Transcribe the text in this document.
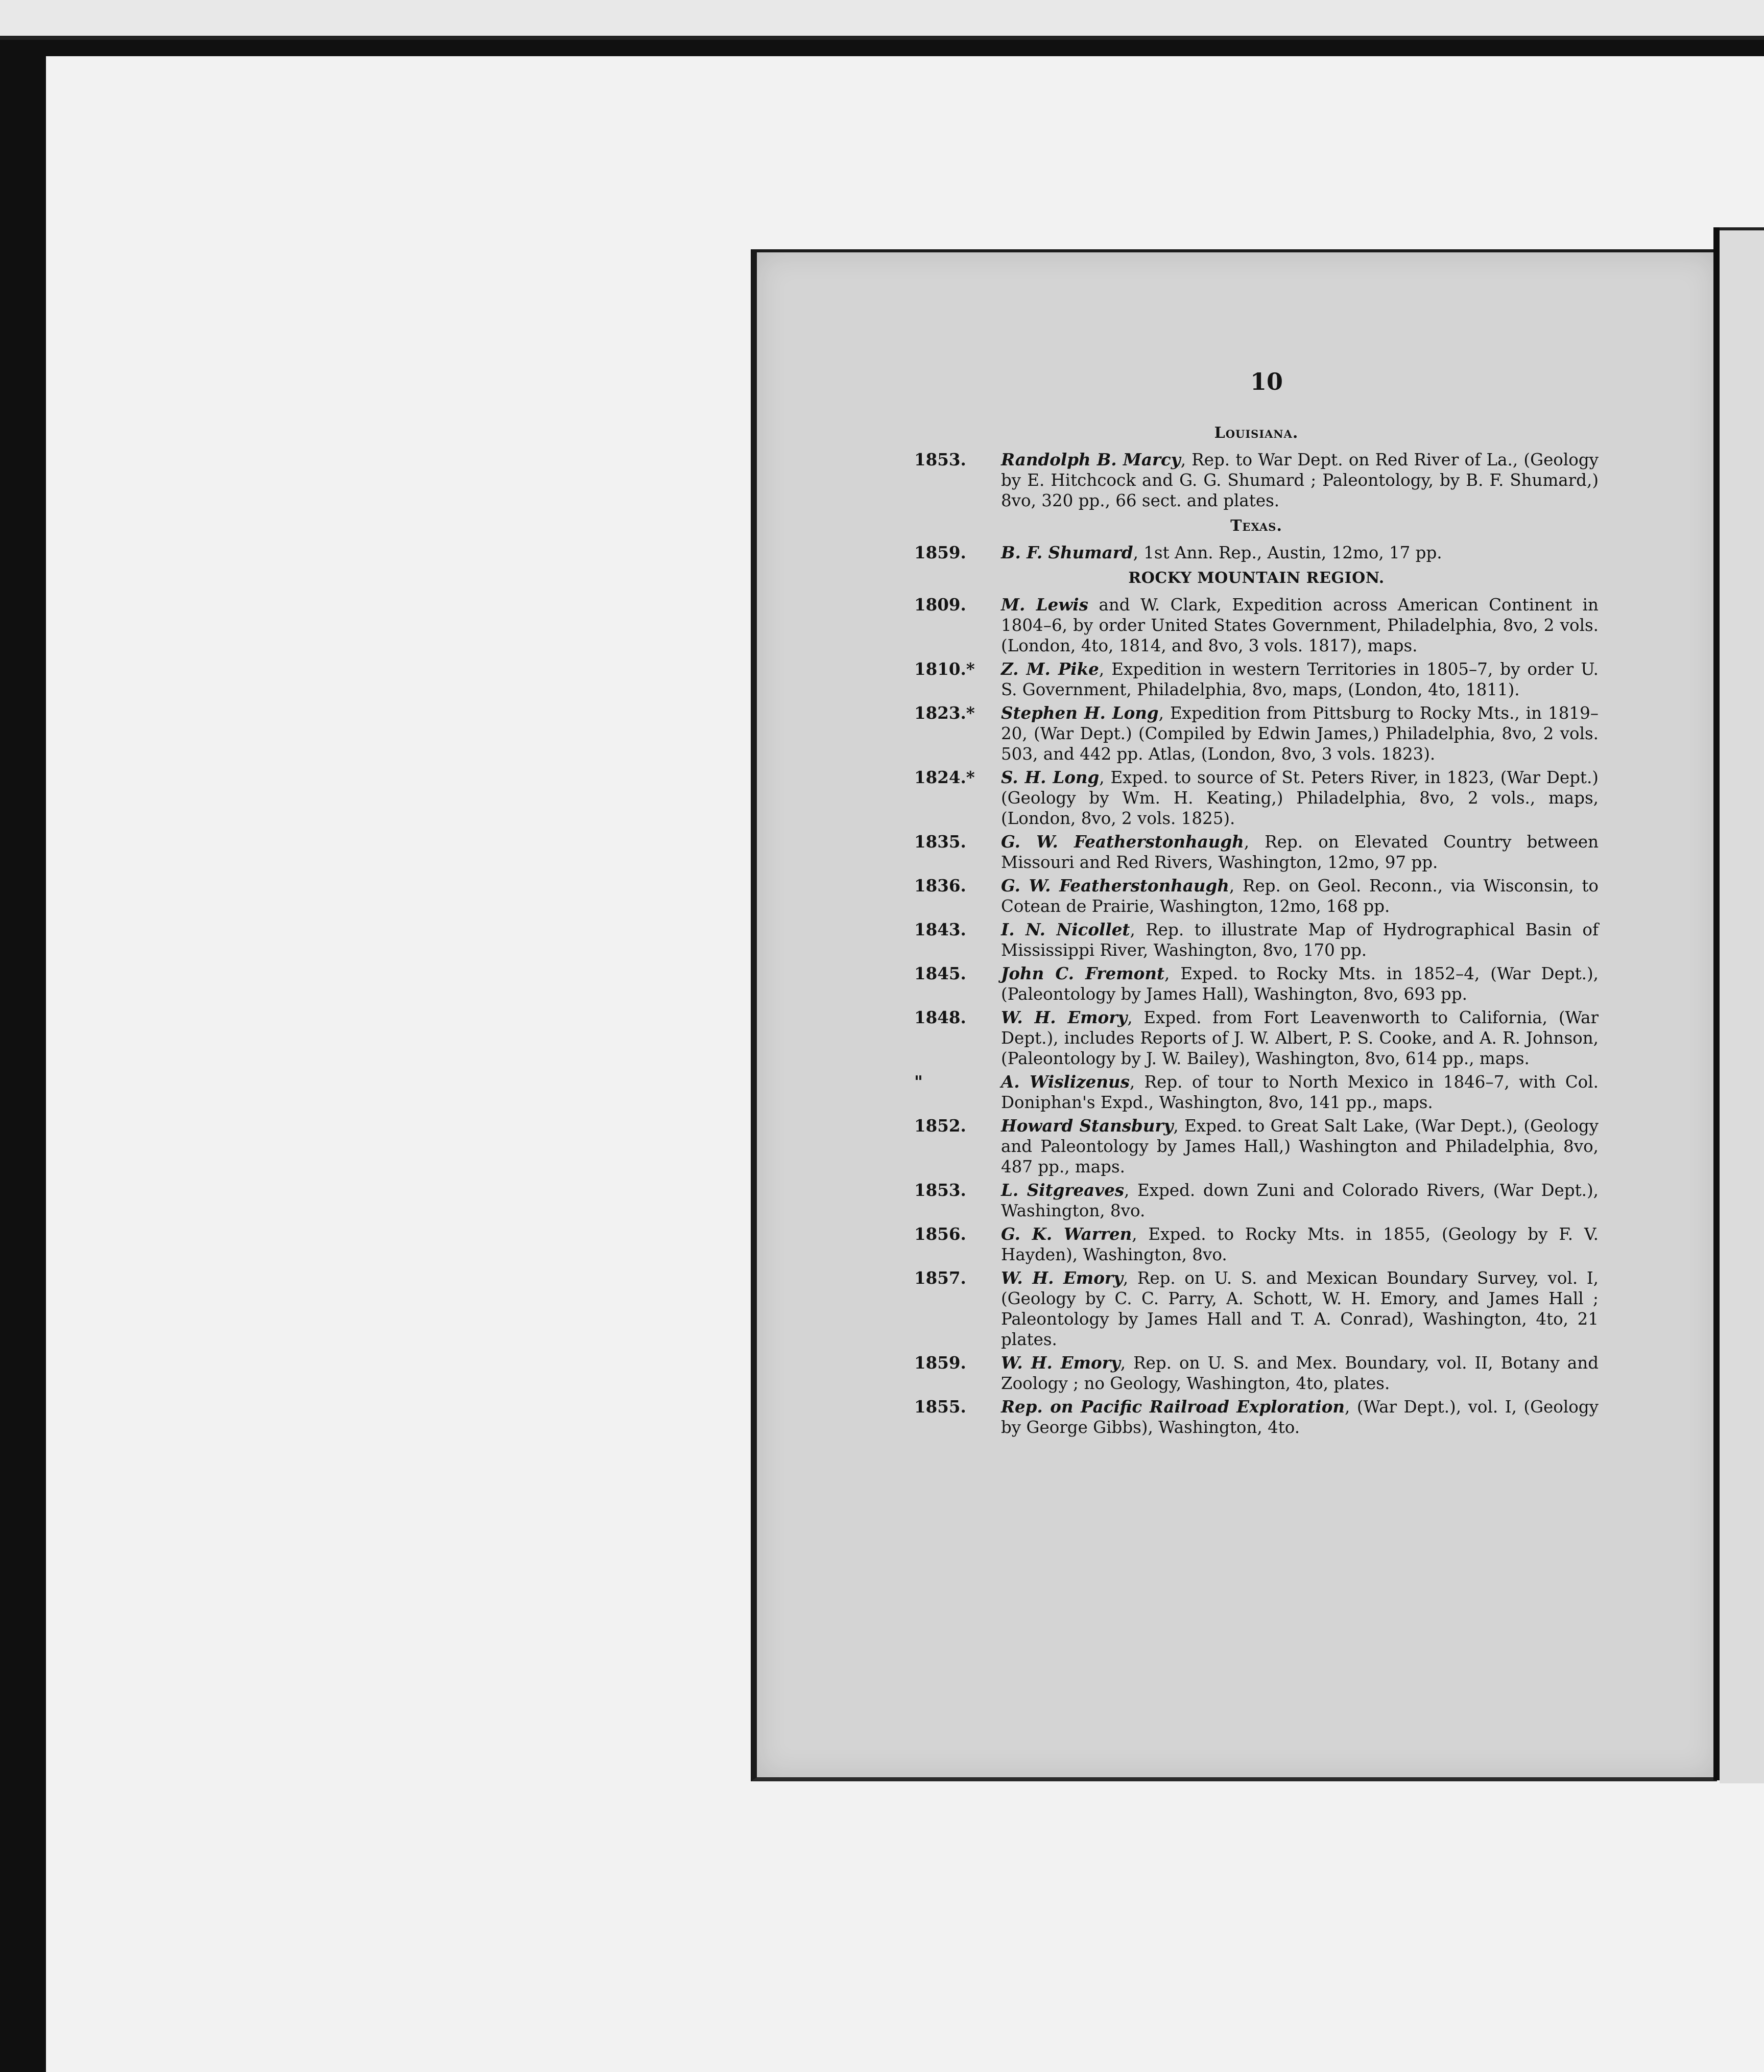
10
Louisiana.
1853.	Randolph B. Marcy, Rep. to War Dept. on Red River of La., (Geology by E. Hitchcock and G. G. Shumard ; Paleontology, by B. F. Shumard,) 8vo, 320 pp., 66 sect. and plates.
Texas.
1859.	B. F. Shumard, 1st Ann. Rep., Austin, 12mo, 17 pp.
ROCKY MOUNTAIN REGION.
1809.	M. Lewis and W. Clark, Expedition across American Continent in 1804–6, by order United States Government, Philadelphia, 8vo, 2 vols. (London, 4to, 1814, and 8vo, 3 vols. 1817), maps.
1810.*	Z. M. Pike, Expedition in western Territories in 1805–7, by order U. S. Government, Philadelphia, 8vo, maps, (London, 4to, 1811).
1823.*	Stephen H. Long, Expedition from Pittsburg to Rocky Mts., in 1819–20, (War Dept.) (Compiled by Edwin James,) Philadelphia, 8vo, 2 vols. 503, and 442 pp. Atlas, (London, 8vo, 3 vols. 1823).
1824.*	S. H. Long, Exped. to source of St. Peters River, in 1823, (War Dept.) (Geology by Wm. H. Keating,) Philadelphia, 8vo, 2 vols., maps, (London, 8vo, 2 vols. 1825).
1835.	G. W. Featherstonhaugh, Rep. on Elevated Country between Missouri and Red Rivers, Washington, 12mo, 97 pp.
1836.	G. W. Featherstonhaugh, Rep. on Geol. Reconn., via Wisconsin, to Cotean de Prairie, Washington, 12mo, 168 pp.
1843.	I. N. Nicollet, Rep. to illustrate Map of Hydrographical Basin of Mississippi River, Washington, 8vo, 170 pp.
1845.	John C. Fremont, Exped. to Rocky Mts. in 1852–4, (War Dept.), (Paleontology by James Hall), Washington, 8vo, 693 pp.
1848.	W. H. Emory, Exped. from Fort Leavenworth to California, (War Dept.), includes Reports of J. W. Albert, P. S. Cooke, and A. R. Johnson, (Paleontology by J. W. Bailey), Washington, 8vo, 614 pp., maps.
"	A. Wislizenus, Rep. of tour to North Mexico in 1846–7, with Col. Doniphan's Expd., Washington, 8vo, 141 pp., maps.
1852.	Howard Stansbury, Exped. to Great Salt Lake, (War Dept.), (Geology and Paleontology by James Hall,) Washington and Philadelphia, 8vo, 487 pp., maps.
1853.	L. Sitgreaves, Exped. down Zuni and Colorado Rivers, (War Dept.), Washington, 8vo.
1856.	G. K. Warren, Exped. to Rocky Mts. in 1855, (Geology by F. V. Hayden), Washington, 8vo.
1857.	W. H. Emory, Rep. on U. S. and Mexican Boundary Survey, vol. I, (Geology by C. C. Parry, A. Schott, W. H. Emory, and James Hall ; Paleontology by James Hall and T. A. Conrad), Washington, 4to, 21 plates.
1859.	W. H. Emory, Rep. on U. S. and Mex. Boundary, vol. II, Botany and Zoology ; no Geology, Washington, 4to, plates.
1855.	Rep. on Pacific Railroad Exploration, (War Dept.), vol. I, (Geology by George Gibbs), Washington, 4to.
